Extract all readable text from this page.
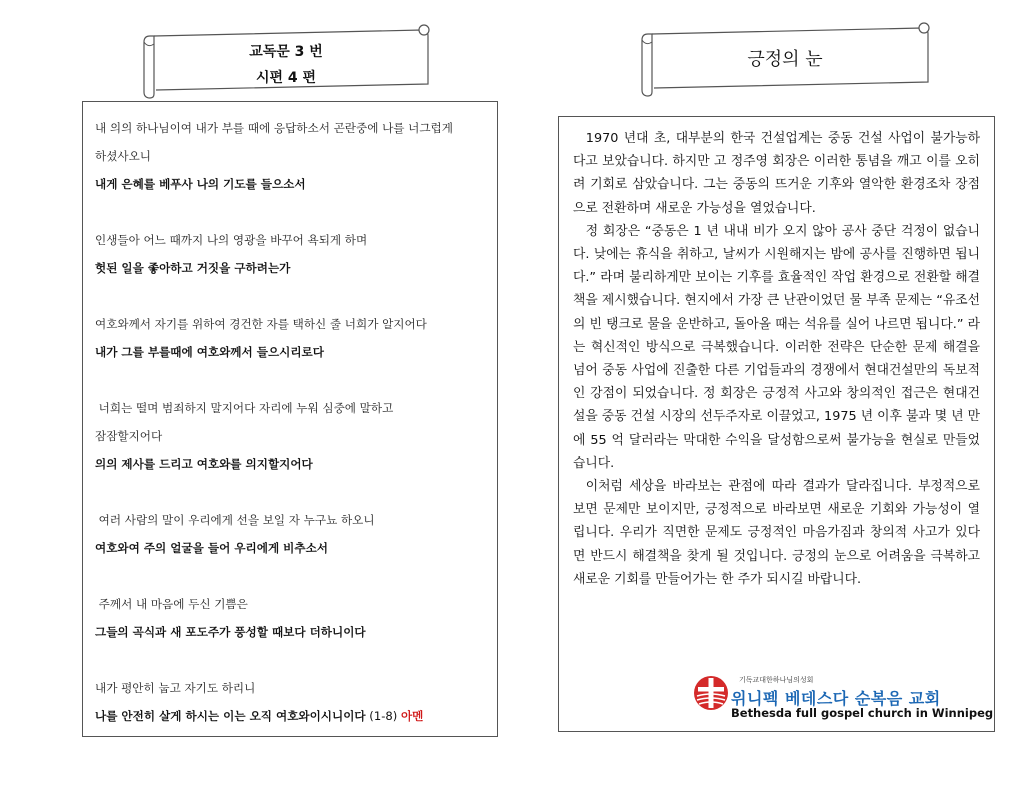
교독문 3 번
시편 4 편
긍정의 눈
내 의의 하나님이여 내가 부를 때에 응답하소서 곤란중에 나를 너그럽게
하셨사오니
내게 은혜를 베푸사 나의 기도를 들으소서
인생들아 어느 때까지 나의 영광을 바꾸어 욕되게 하며
헛된 일을 좋아하고 거짓을 구하려는가
여호와께서 자기를 위하여 경건한 자를 택하신 줄 너희가 알지어다
내가 그를 부를때에 여호와께서 들으시리로다
너희는 떨며 범죄하지 말지어다 자리에 누워 심중에 말하고
잠잠할지어다
의의 제사를 드리고 여호와를 의지할지어다
여러 사람의 말이 우리에게 선을 보일 자 누구뇨 하오니
여호와여 주의 얼굴을 들어 우리에게 비추소서
주께서 내 마음에 두신 기쁨은
그들의 곡식과 새 포도주가 풍성할 때보다 더하니이다
내가 평안히 눕고 자기도 하리니
나를 안전히 살게 하시는 이는 오직 여호와이시니이다 (1-8) 아멘

1970 년대 초, 대부분의 한국 건설업계는 중동 건설 사업이 불가능하다고 보았습니다. 하지만 고 정주영 회장은 이러한 통념을 깨고 이를 오히려 기회로 삼았습니다. 그는 중동의 뜨거운 기후와 열악한 환경조차 장점으로 전환하며 새로운 가능성을 열었습니다.

정 회장은 “중동은 1 년 내내 비가 오지 않아 공사 중단 걱정이 없습니다. 낮에는 휴식을 취하고, 날씨가 시원해지는 밤에 공사를 진행하면 됩니다.” 라며 불리하게만 보이는 기후를 효율적인 작업 환경으로 전환할 해결책을 제시했습니다. 현지에서 가장 큰 난관이었던 물 부족 문제는 “유조선의 빈 탱크로 물을 운반하고, 돌아올 때는 석유를 실어 나르면 됩니다.” 라는 혁신적인 방식으로 극복했습니다. 이러한 전략은 단순한 문제 해결을 넘어 중동 사업에 진출한 다른 기업들과의 경쟁에서 현대건설만의 독보적인 강점이 되었습니다. 정 회장은 긍정적 사고와 창의적인 접근은 현대건설을 중동 건설 시장의 선두주자로 이끌었고, 1975 년 이후 불과 몇 년 만에 55 억 달러라는 막대한 수익을 달성함으로써 불가능을 현실로 만들었습니다.

이처럼 세상을 바라보는 관점에 따라 결과가 달라집니다. 부정적으로 보면 문제만 보이지만, 긍정적으로 바라보면 새로운 기회와 가능성이 열립니다. 우리가 직면한 문제도 긍정적인 마음가짐과 창의적 사고가 있다면 반드시 해결책을 찾게 될 것입니다. 긍정의 눈으로 어려움을 극복하고 새로운 기회를 만들어가는 한 주가 되시길 바랍니다.

기독교대한하나님의성회
위니펙 베데스다 순복음 교회
Bethesda full gospel church in Winnipeg
